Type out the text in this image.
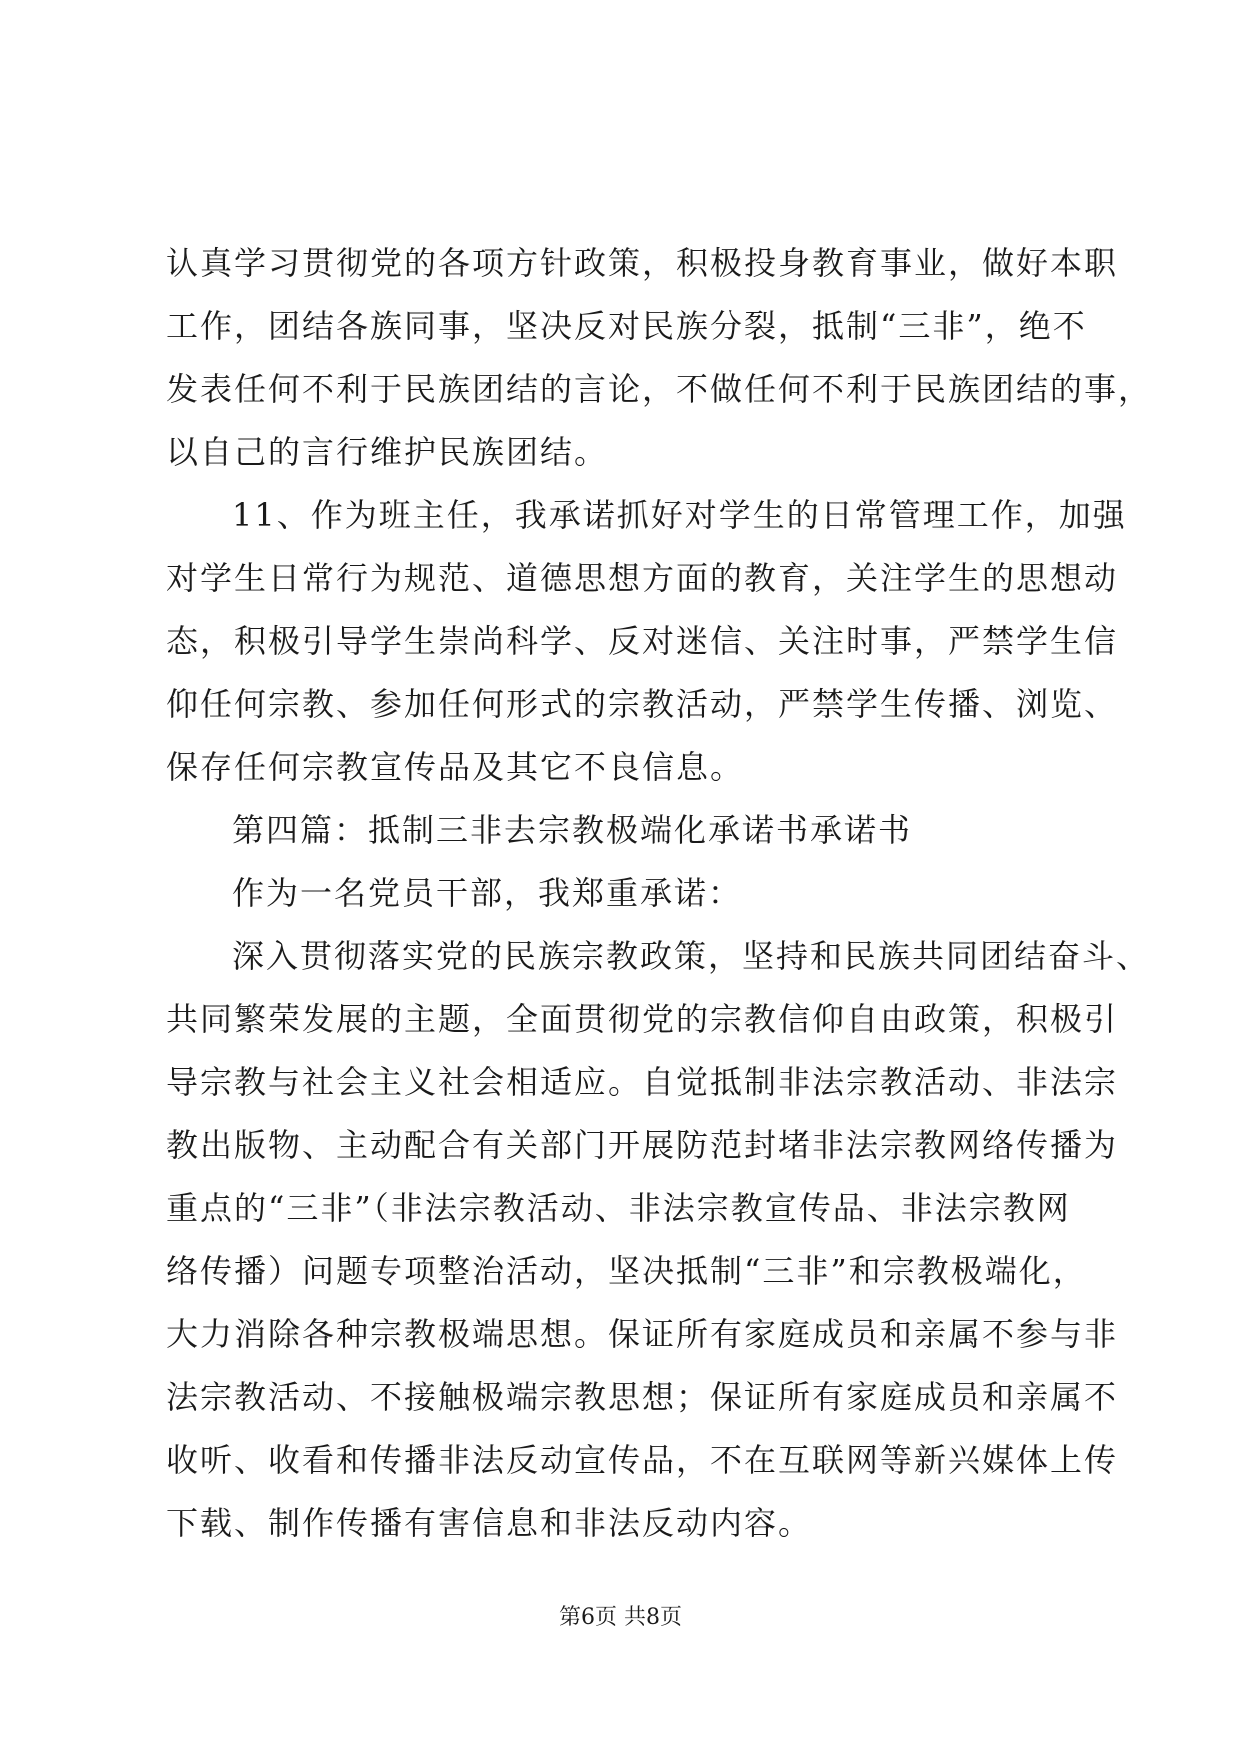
认真学习贯彻党的各项方针政策，积极投身教育事业，做好本职
工作，团结各族同事，坚决反对民族分裂，抵制“三非”，绝不
发表任何不利于民族团结的言论，不做任何不利于民族团结的事，
以自己的言行维护民族团结。
11、作为班主任，我承诺抓好对学生的日常管理工作，加强
对学生日常行为规范、道德思想方面的教育，关注学生的思想动
态，积极引导学生崇尚科学、反对迷信、关注时事，严禁学生信
仰任何宗教、参加任何形式的宗教活动，严禁学生传播、浏览、
保存任何宗教宣传品及其它不良信息。
第四篇：抵制三非去宗教极端化承诺书承诺书
作为一名党员干部，我郑重承诺：
深入贯彻落实党的民族宗教政策，坚持和民族共同团结奋斗、
共同繁荣发展的主题，全面贯彻党的宗教信仰自由政策，积极引
导宗教与社会主义社会相适应。自觉抵制非法宗教活动、非法宗
教出版物、主动配合有关部门开展防范封堵非法宗教网络传播为
重点的“三非”（非法宗教活动、非法宗教宣传品、非法宗教网
络传播）问题专项整治活动，坚决抵制“三非”和宗教极端化，
大力消除各种宗教极端思想。保证所有家庭成员和亲属不参与非
法宗教活动、不接触极端宗教思想；保证所有家庭成员和亲属不
收听、收看和传播非法反动宣传品，不在互联网等新兴媒体上传
下载、制作传播有害信息和非法反动内容。
第6页 共8页
